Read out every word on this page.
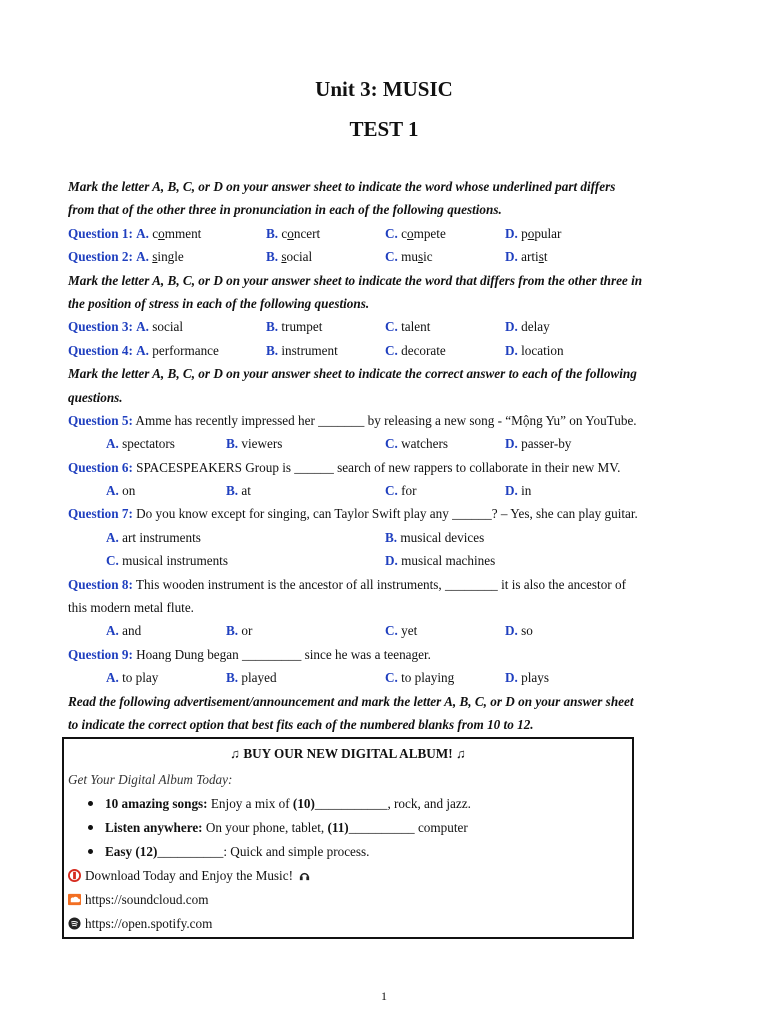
Unit 3: MUSIC
TEST 1
Mark the letter A, B, C, or D on your answer sheet to indicate the word whose underlined part differs
from that of the other three in pronunciation in each of the following questions.
Question 1: A. comment	B. concert	C. compete	D. popular
Question 2: A. single	B. social	C. music	D. artist
Mark the letter A, B, C, or D on your answer sheet to indicate the word that differs from the other three in
the position of stress in each of the following questions.
Question 3: A. social	B. trumpet	C. talent	D. delay
Question 4: A. performance	B. instrument	C. decorate	D. location
Mark the letter A, B, C, or D on your answer sheet to indicate the correct answer to each of the following
questions.
Question 5: Amme has recently impressed her _______ by releasing a new song - “Mộng Yu” on YouTube.
A. spectators	B. viewers	C. watchers	D. passer-by
Question 6: SPACESPEAKERS Group is ______ search of new rappers to collaborate in their new MV.
A. on	B. at	C. for	D. in
Question 7: Do you know except for singing, can Taylor Swift play any ______? – Yes, she can play guitar.
A. art instruments	B. musical devices
C. musical instruments	D. musical machines
Question 8: This wooden instrument is the ancestor of all instruments, ________ it is also the ancestor of
this modern metal flute.
A. and	B. or	C. yet	D. so
Question 9: Hoang Dung began _________ since he was a teenager.
A. to play	B. played	C. to playing	D. plays
Read the following advertisement/announcement and mark the letter A, B, C, or D on your answer sheet
to indicate the correct option that best fits each of the numbered blanks from 10 to 12.
♫ BUY OUR NEW DIGITAL ALBUM! ♫
Get Your Digital Album Today:
10 amazing songs: Enjoy a mix of (10)___________, rock, and jazz.
Listen anywhere: On your phone, tablet, (11)__________ computer
Easy (12)__________: Quick and simple process.
Download Today and Enjoy the Music!
https://soundcloud.com
https://open.spotify.com
1
